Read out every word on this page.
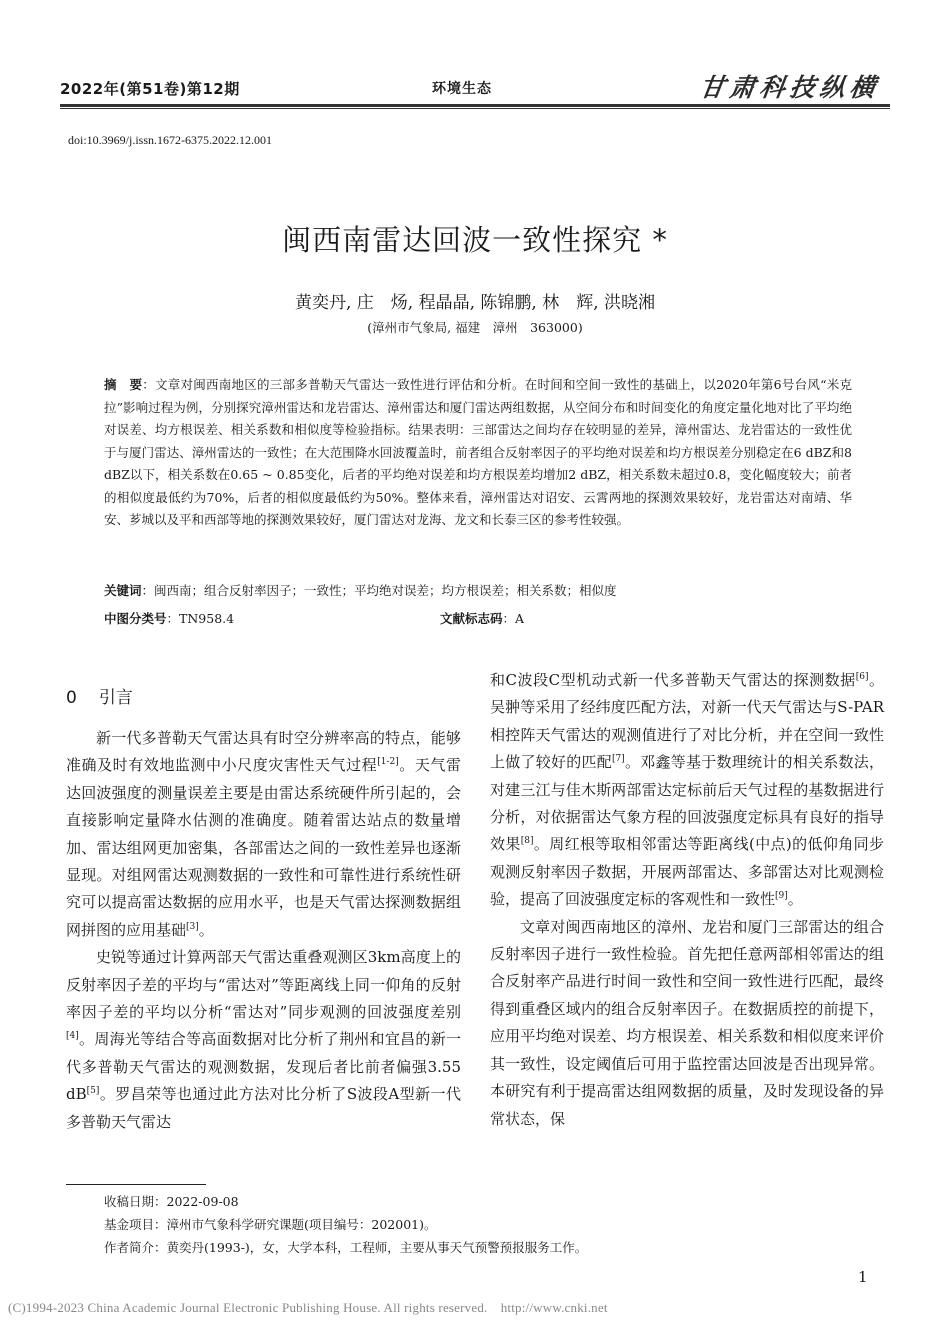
2022年(第51卷)第12期	环境生态	甘肃科技纵横
doi:10.3969/j.issn.1672-6375.2022.12.001
闽西南雷达回波一致性探究 *
黄奕丹, 庄　炀, 程晶晶, 陈锦鹏, 林　辉, 洪晓湘
(漳州市气象局, 福建　漳州　363000)
摘　要：文章对闽西南地区的三部多普勒天气雷达一致性进行评估和分析。在时间和空间一致性的基础上，以2020年第6号台风“米克拉”影响过程为例，分别探究漳州雷达和龙岩雷达、漳州雷达和厦门雷达两组数据，从空间分布和时间变化的角度定量化地对比了平均绝对误差、均方根误差、相关系数和相似度等检验指标。结果表明：三部雷达之间均存在较明显的差异，漳州雷达、龙岩雷达的一致性优于与厦门雷达、漳州雷达的一致性；在大范围降水回波覆盖时，前者组合反射率因子的平均绝对误差和均方根误差分别稳定在6 dBZ和8 dBZ以下，相关系数在0.65 ~ 0.85变化，后者的平均绝对误差和均方根误差均增加2 dBZ，相关系数未超过0.8，变化幅度较大；前者的相似度最低约为70%，后者的相似度最低约为50%。整体来看，漳州雷达对诏安、云霄两地的探测效果较好，龙岩雷达对南靖、华安、芗城以及平和西部等地的探测效果较好，厦门雷达对龙海、龙文和长泰三区的参考性较强。
关键词：闽西南；组合反射率因子；一致性；平均绝对误差；均方根误差；相关系数；相似度
中图分类号：TN958.4	文献标志码：A
0 引言

新一代多普勒天气雷达具有时空分辨率高的特点，能够准确及时有效地监测中小尺度灾害性天气过程[1-2]。天气雷达回波强度的测量误差主要是由雷达系统硬件所引起的，会直接影响定量降水估测的准确度。随着雷达站点的数量增加、雷达组网更加密集，各部雷达之间的一致性差异也逐渐显现。对组网雷达观测数据的一致性和可靠性进行系统性研究可以提高雷达数据的应用水平，也是天气雷达探测数据组网拼图的应用基础[3]。

史锐等通过计算两部天气雷达重叠观测区3km高度上的反射率因子差的平均与“雷达对”等距离线上同一仰角的反射率因子差的平均以分析“雷达对”同步观测的回波强度差别[4]。周海光等结合等高面数据对比分析了荆州和宜昌的新一代多普勒天气雷达的观测数据，发现后者比前者偏强3.55 dB[5]。罗昌荣等也通过此方法对比分析了S波段A型新一代多普勒天气雷达

和C波段C型机动式新一代多普勒天气雷达的探测数据[6]。吴翀等采用了经纬度匹配方法，对新一代天气雷达与S-PAR相控阵天气雷达的观测值进行了对比分析，并在空间一致性上做了较好的匹配[7]。邓鑫等基于数理统计的相关系数法，对建三江与佳木斯两部雷达定标前后天气过程的基数据进行分析，对依据雷达气象方程的回波强度定标具有良好的指导效果[8]。周红根等取相邻雷达等距离线(中点)的低仰角同步观测反射率因子数据，开展两部雷达、多部雷达对比观测检验，提高了回波强度定标的客观性和一致性[9]。

文章对闽西南地区的漳州、龙岩和厦门三部雷达的组合反射率因子进行一致性检验。首先把任意两部相邻雷达的组合反射率产品进行时间一致性和空间一致性进行匹配，最终得到重叠区域内的组合反射率因子。在数据质控的前提下，应用平均绝对误差、均方根误差、相关系数和相似度来评价其一致性，设定阈值后可用于监控雷达回波是否出现异常。本研究有利于提高雷达组网数据的质量，及时发现设备的异常状态，保

收稿日期：2022-09-08
基金项目：漳州市气象科学研究课题(项目编号：202001)。
作者简介：黄奕丹(1993-)，女，大学本科，工程师，主要从事天气预警预报服务工作。
1
(C)1994-2023 China Academic Journal Electronic Publishing House. All rights reserved.　http://www.cnki.net
